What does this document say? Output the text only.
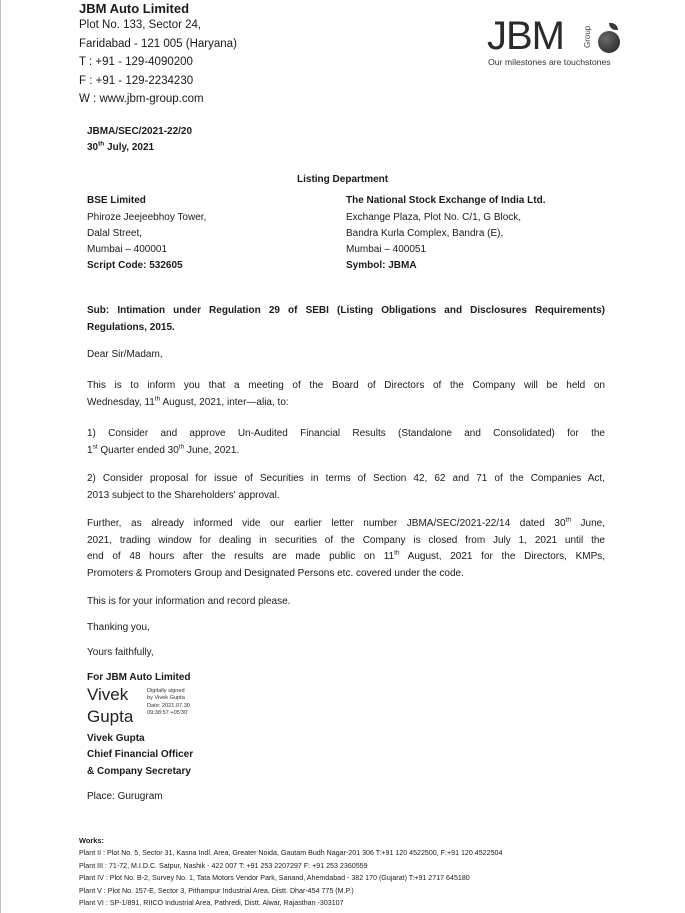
JBM Auto Limited
Plot No. 133, Sector 24,
Faridabad - 121 005 (Haryana)
T : +91 - 129-4090200
F : +91 - 129-2234230
W : www.jbm-group.com
JBM Group
Our milestones are touchstones
JBMA/SEC/2021-22/20
30th July, 2021
Listing Department
BSE Limited
Phiroze Jeejeebhoy Tower,
Dalal Street,
Mumbai – 400001
Script Code: 532605
The National Stock Exchange of India Ltd.
Exchange Plaza, Plot No. C/1, G Block,
Bandra Kurla Complex, Bandra (E),
Mumbai – 400051
Symbol: JBMA
Sub: Intimation under Regulation 29 of SEBI (Listing Obligations and Disclosures Requirements)
Regulations, 2015.
Dear Sir/Madam,
This is to inform you that a meeting of the Board of Directors of the Company will be held on
Wednesday, 11th August, 2021, inter—alia, to:
1) Consider and approve Un-Audited Financial Results (Standalone and Consolidated) for the
1st Quarter ended 30th June, 2021.
2) Consider proposal for issue of Securities in terms of Section 42, 62 and 71 of the Companies Act,
2013 subject to the Shareholders' approval.
Further, as already informed vide our earlier letter number JBMA/SEC/2021-22/14 dated 30th June,
2021, trading window for dealing in securities of the Company is closed from July 1, 2021 until the
end of 48 hours after the results are made public on 11th August, 2021 for the Directors, KMPs,
Promoters & Promoters Group and Designated Persons etc. covered under the code.
This is for your information and record please.
Thanking you,
Yours faithfully,
For JBM Auto Limited
Vivek
Gupta
Digitally signed
by Vivek Gupta
Date: 2021.07.30
09:38:57 +05'30'
Vivek Gupta
Chief Financial Officer
& Company Secretary
Place: Gurugram
Works:
Plant II : Plot No. 5, Sector 31, Kasna Indl. Area, Greater Noida, Gautam Budh Nagar-201 306 T:+91 120 4522500, F:+91 120 4522504
Plant III : 71-72, M.I.D.C. Satpur, Nashik - 422 007 T: +91 253 2207297 F: +91 253 2360559
Plant IV : Plot No. B-2, Survey No. 1, Tata Motors Vendor Park, Sanand, Ahemdabad - 382 170 (Gujarat) T:+91 2717 645180
Plant V : Plot No. 157-E, Sector 3, Pithampur Industrial Area, Distt. Dhar-454 775 (M.P.)
Plant VI : SP-1/891, RIICO Industrial Area, Pathredi, Distt. Alwar, Rajasthan -303107
